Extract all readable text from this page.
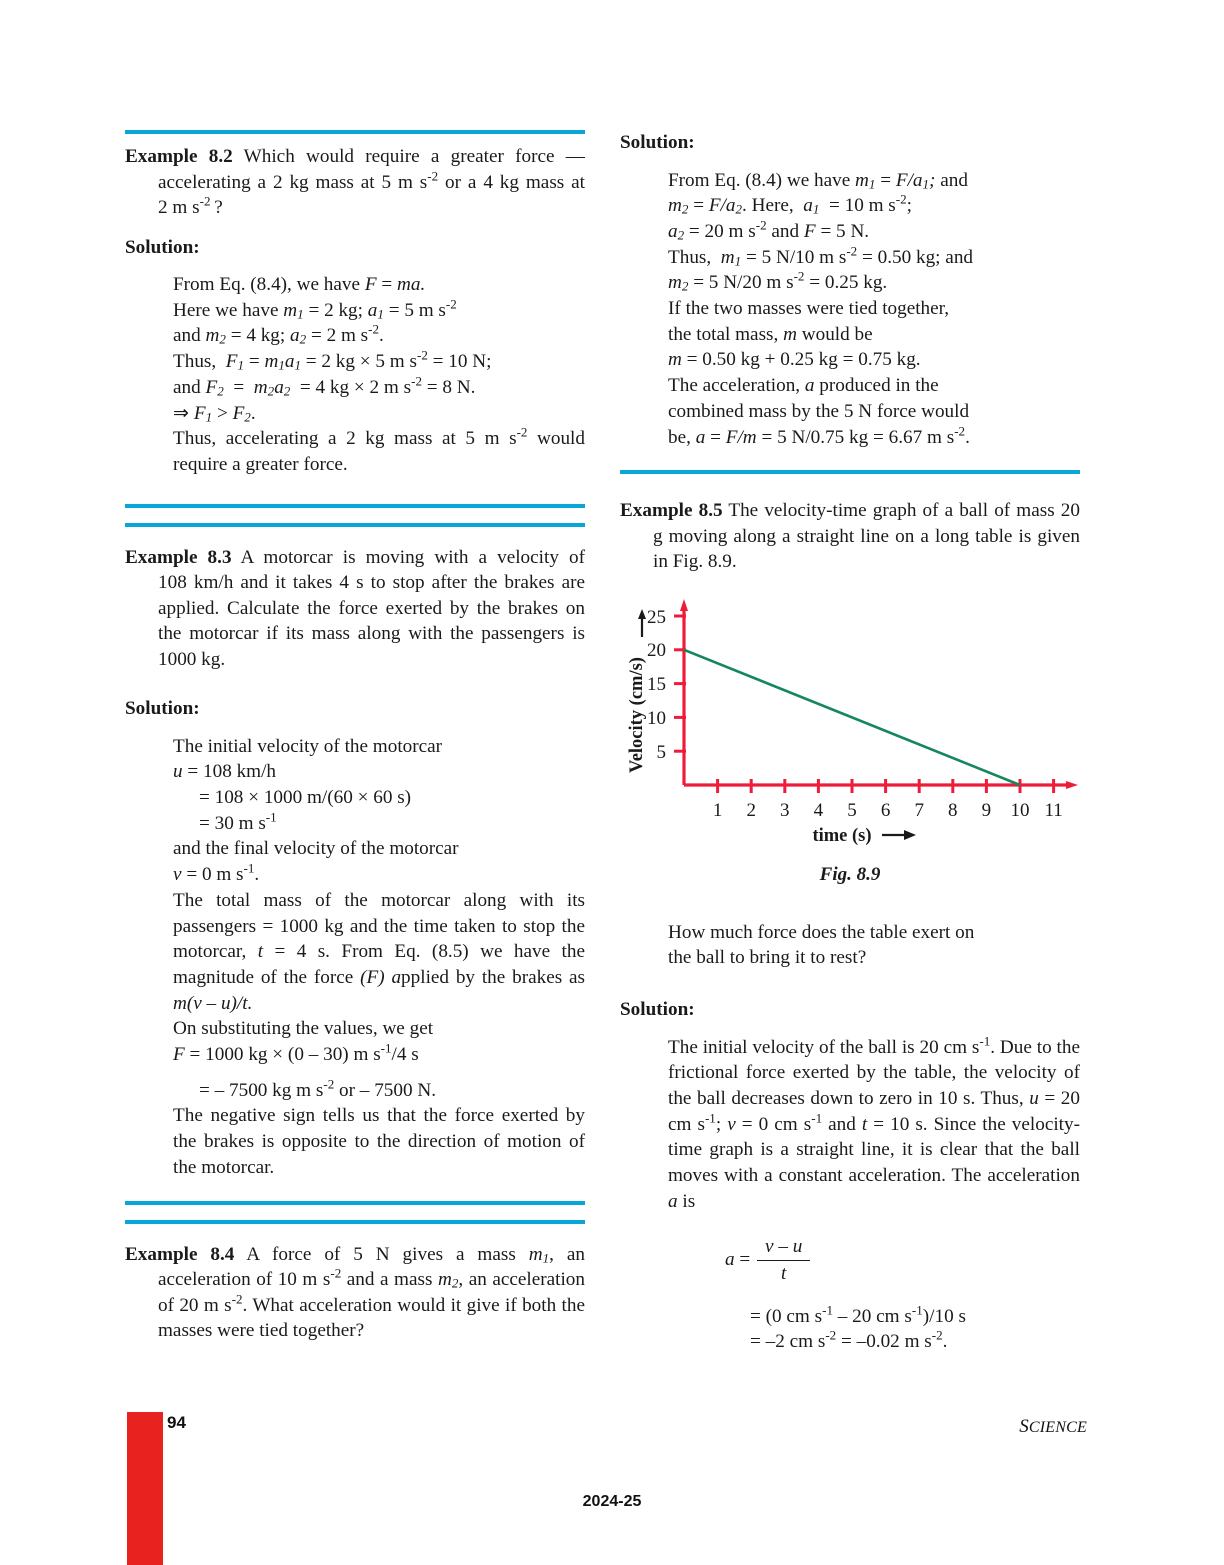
Example 8.2 Which would require a greater force — accelerating a 2 kg mass at 5 m $s^{-2}$ or a 4 kg mass at 2 m $s^{-2}$ ?

Solution:

From Eq. (8.4), we have F = ma.
Here we have $m_1 = 2$ kg; $a_1 = 5$ m $s^{-2}$
and $m_2 = 4$ kg; $a_2 = 2$ m $s^{-2}$.
Thus,  $F_1 = m_1a_1 = 2$ kg × 5 m $s^{-2} = 10$ N;
and $F_2 = m_2a_2 = 4$ kg × 2 m $s^{-2} = 8$ N.
⇒ $F_1 > F_2$.
Thus, accelerating a 2 kg mass at 5 m $s^{-2}$ would require a greater force.

Example 8.3 A motorcar is moving with a velocity of 108 km/h and it takes 4 s to stop after the brakes are applied. Calculate the force exerted by the brakes on the motorcar if its mass along with the passengers is 1000 kg.

Solution:

The initial velocity of the motorcar
u = 108 km/h
= 108 × 1000 m/(60 × 60 s)
= 30 m $s^{-1}$
and the final velocity of the motorcar
v = 0 m $s^{-1}$.

The total mass of the motorcar along with its passengers = 1000 kg and the time taken to stop the motorcar, t = 4 s. From Eq. (8.5) we have the magnitude of the force (F) applied by the brakes as m(v – u)/t.

On substituting the values, we get
F = 1000 kg × (0 – 30) m $s^{-1}/4$ s
= – 7500 kg m $s^{-2}$ or – 7500 N.

The negative sign tells us that the force exerted by the brakes is opposite to the direction of motion of the motorcar.

Example 8.4 A force of 5 N gives a mass $m_1$, an acceleration of 10 m $s^{-2}$ and a mass $m_2$, an acceleration of 20 m $s^{-2}$. What acceleration would it give if both the masses were tied together?

Solution:

From Eq. (8.4) we have $m_1 = F/a_1$; and
$m_2 = F/a_2$. Here,  $a_1 = 10$ m $s^{-2}$;
$a_2 = 20$ m $s^{-2}$ and F = 5 N.
Thus,  $m_1 = 5$ N/10 m $s^{-2} = 0.50$ kg; and
$m_2 = 5$ N/20 m $s^{-2} = 0.25$ kg.
If the two masses were tied together,
the total mass, m would be
m = 0.50 kg + 0.25 kg = 0.75 kg.
The acceleration, a produced in the
combined mass by the 5 N force would
be, a = F/m = 5 N/0.75 kg = 6.67 m $s^{-2}$.

Example 8.5 The velocity-time graph of a ball of mass 20 g moving along a straight line on a long table is given in Fig. 8.9.

5
10
15
20
25
1 2 3 4 5 6 7 8 9 10 11
Velocity (cm/s)
time (s)
Fig. 8.9
How much force does the table exert on
the ball to bring it to rest?

Solution:

The initial velocity of the ball is 20 cm $s^{-1}$. Due to the frictional force exerted by the table, the velocity of the ball decreases down to zero in 10 s. Thus, u = 20 cm $s^{-1}$; v = 0 cm $s^{-1}$ and t = 10 s. Since the velocity-time graph is a straight line, it is clear that the ball moves with a constant acceleration. The acceleration a is

$a = \frac{v - u}{t}$
= (0 cm $s^{-1} - 20$ cm $s^{-1})/10$ s
= –2 cm $s^{-2} = -0.02$ m $s^{-2}$.
94	SCIENCE
2024-25
